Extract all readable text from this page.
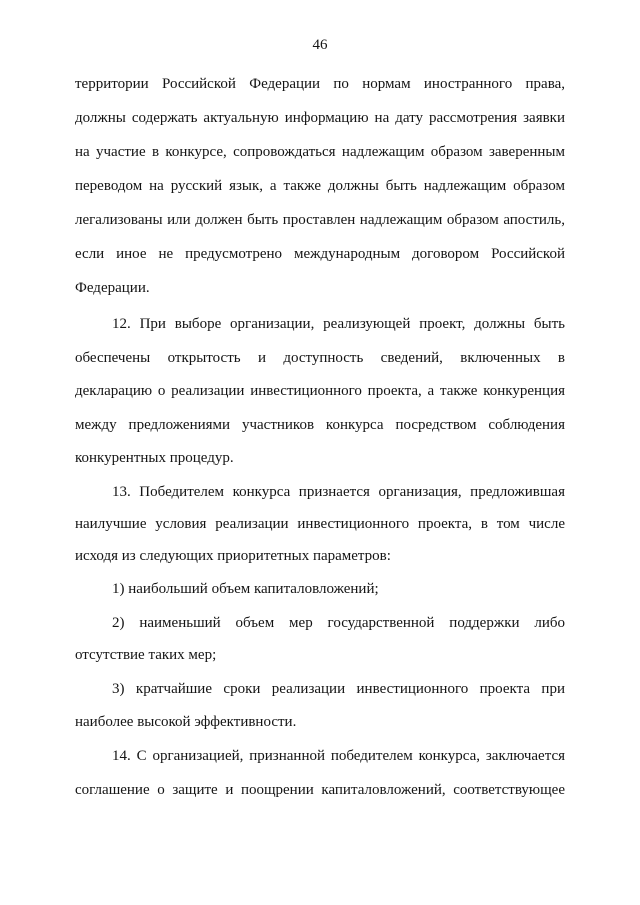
46
территории Российской Федерации по нормам иностранного права,
должны содержать актуальную информацию на дату рассмотрения заявки
на участие в конкурсе, сопровождаться надлежащим образом заверенным
переводом на русский язык, а также должны быть надлежащим образом
легализованы или должен быть проставлен надлежащим образом апостиль,
если иное не предусмотрено международным договором Российской
Федерации.
12. При выборе организации, реализующей проект, должны быть
обеспечены открытость и доступность сведений, включенных в
декларацию о реализации инвестиционного проекта, а также конкуренция
между предложениями участников конкурса посредством соблюдения
конкурентных процедур.
13. Победителем конкурса признается организация, предложившая
наилучшие условия реализации инвестиционного проекта, в том числе
исходя из следующих приоритетных параметров:
1) наибольший объем капиталовложений;
2) наименьший объем мер государственной поддержки либо
отсутствие таких мер;
3) кратчайшие сроки реализации инвестиционного проекта при
наиболее высокой эффективности.
14. С организацией, признанной победителем конкурса, заключается
соглашение о защите и поощрении капиталовложений, соответствующее
